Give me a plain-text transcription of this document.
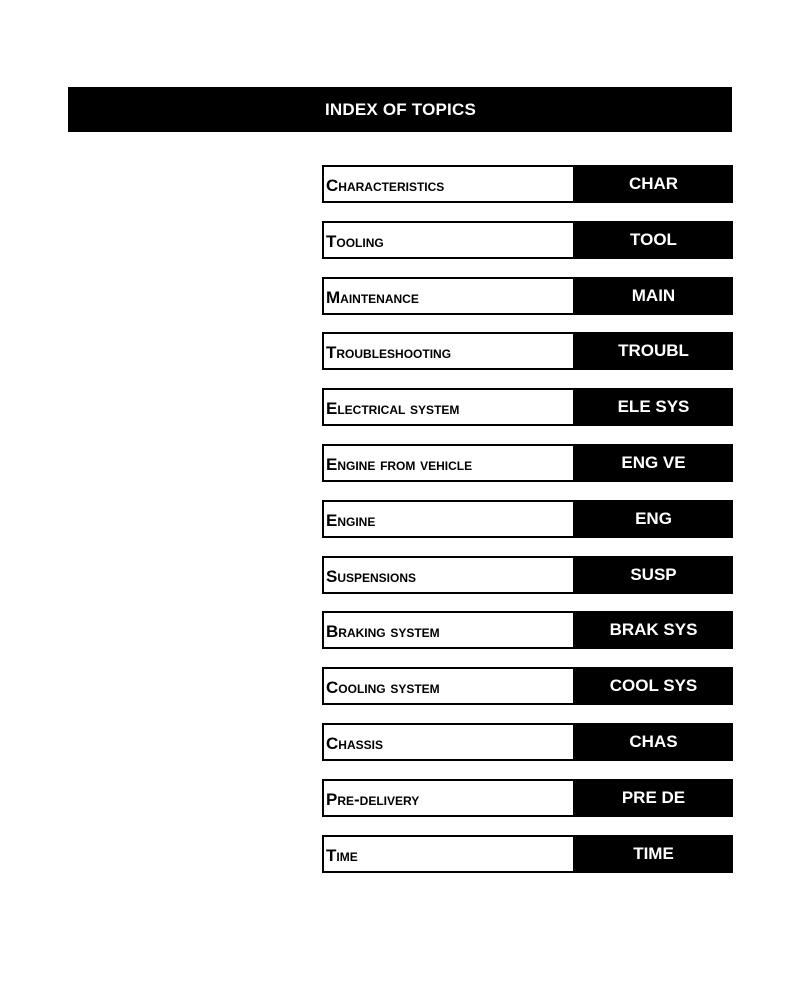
INDEX OF TOPICS
Characteristics	CHAR
Tooling	TOOL
Maintenance	MAIN
Troubleshooting	TROUBL
Electrical system	ELE SYS
Engine from vehicle	ENG VE
Engine	ENG
Suspensions	SUSP
Braking system	BRAK SYS
Cooling system	COOL SYS
Chassis	CHAS
Pre-delivery	PRE DE
Time	TIME
